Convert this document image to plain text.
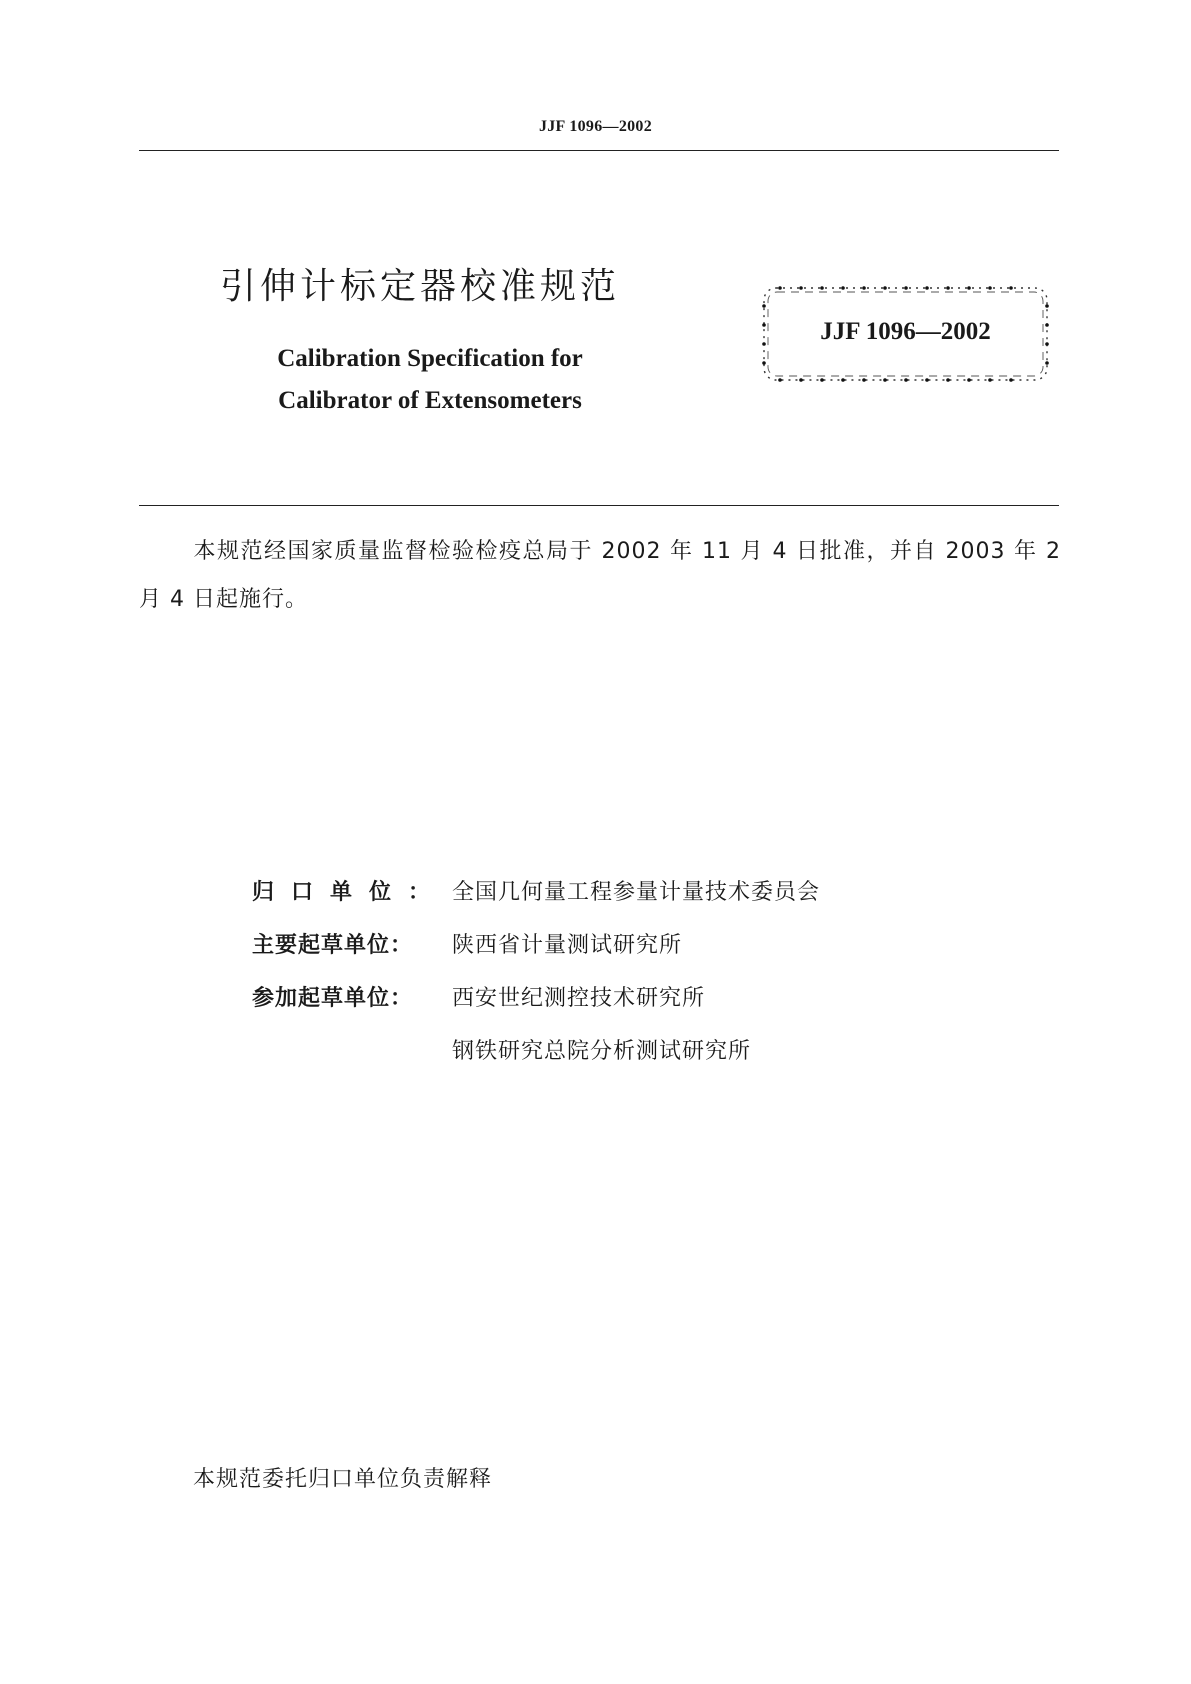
JJF 1096—2002
引伸计标定器校准规范
Calibration Specification for
Calibrator of Extensometers
JJF 1096—2002
本规范经国家质量监督检验检疫总局于 2002 年 11 月 4 日批准，并自 2003 年 2 月 4 日起施行。
归口单位： 全国几何量工程参量计量技术委员会
主要起草单位：	陕西省计量测试研究所
参加起草单位：	西安世纪测控技术研究所
钢铁研究总院分析测试研究所
本规范委托归口单位负责解释
